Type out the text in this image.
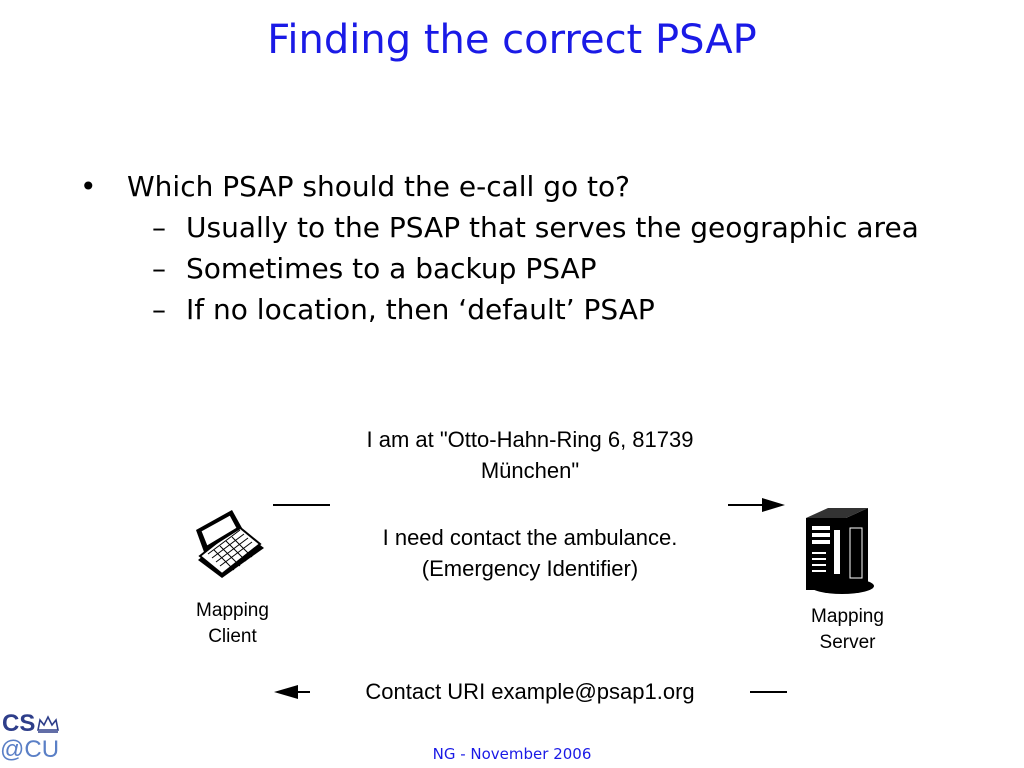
Finding the correct PSAP
• Which PSAP should the e-call go to?
– Usually to the PSAP that serves the geographic area
– Sometimes to a backup PSAP
– If no location, then ‘default’ PSAP
I am at "Otto-Hahn-Ring 6, 81739
München"
I need contact the ambulance.
(Emergency Identifier)
Mapping
Client
Mapping
Server
Contact URI example@psap1.org
CS
@CU	NG - November 2006
